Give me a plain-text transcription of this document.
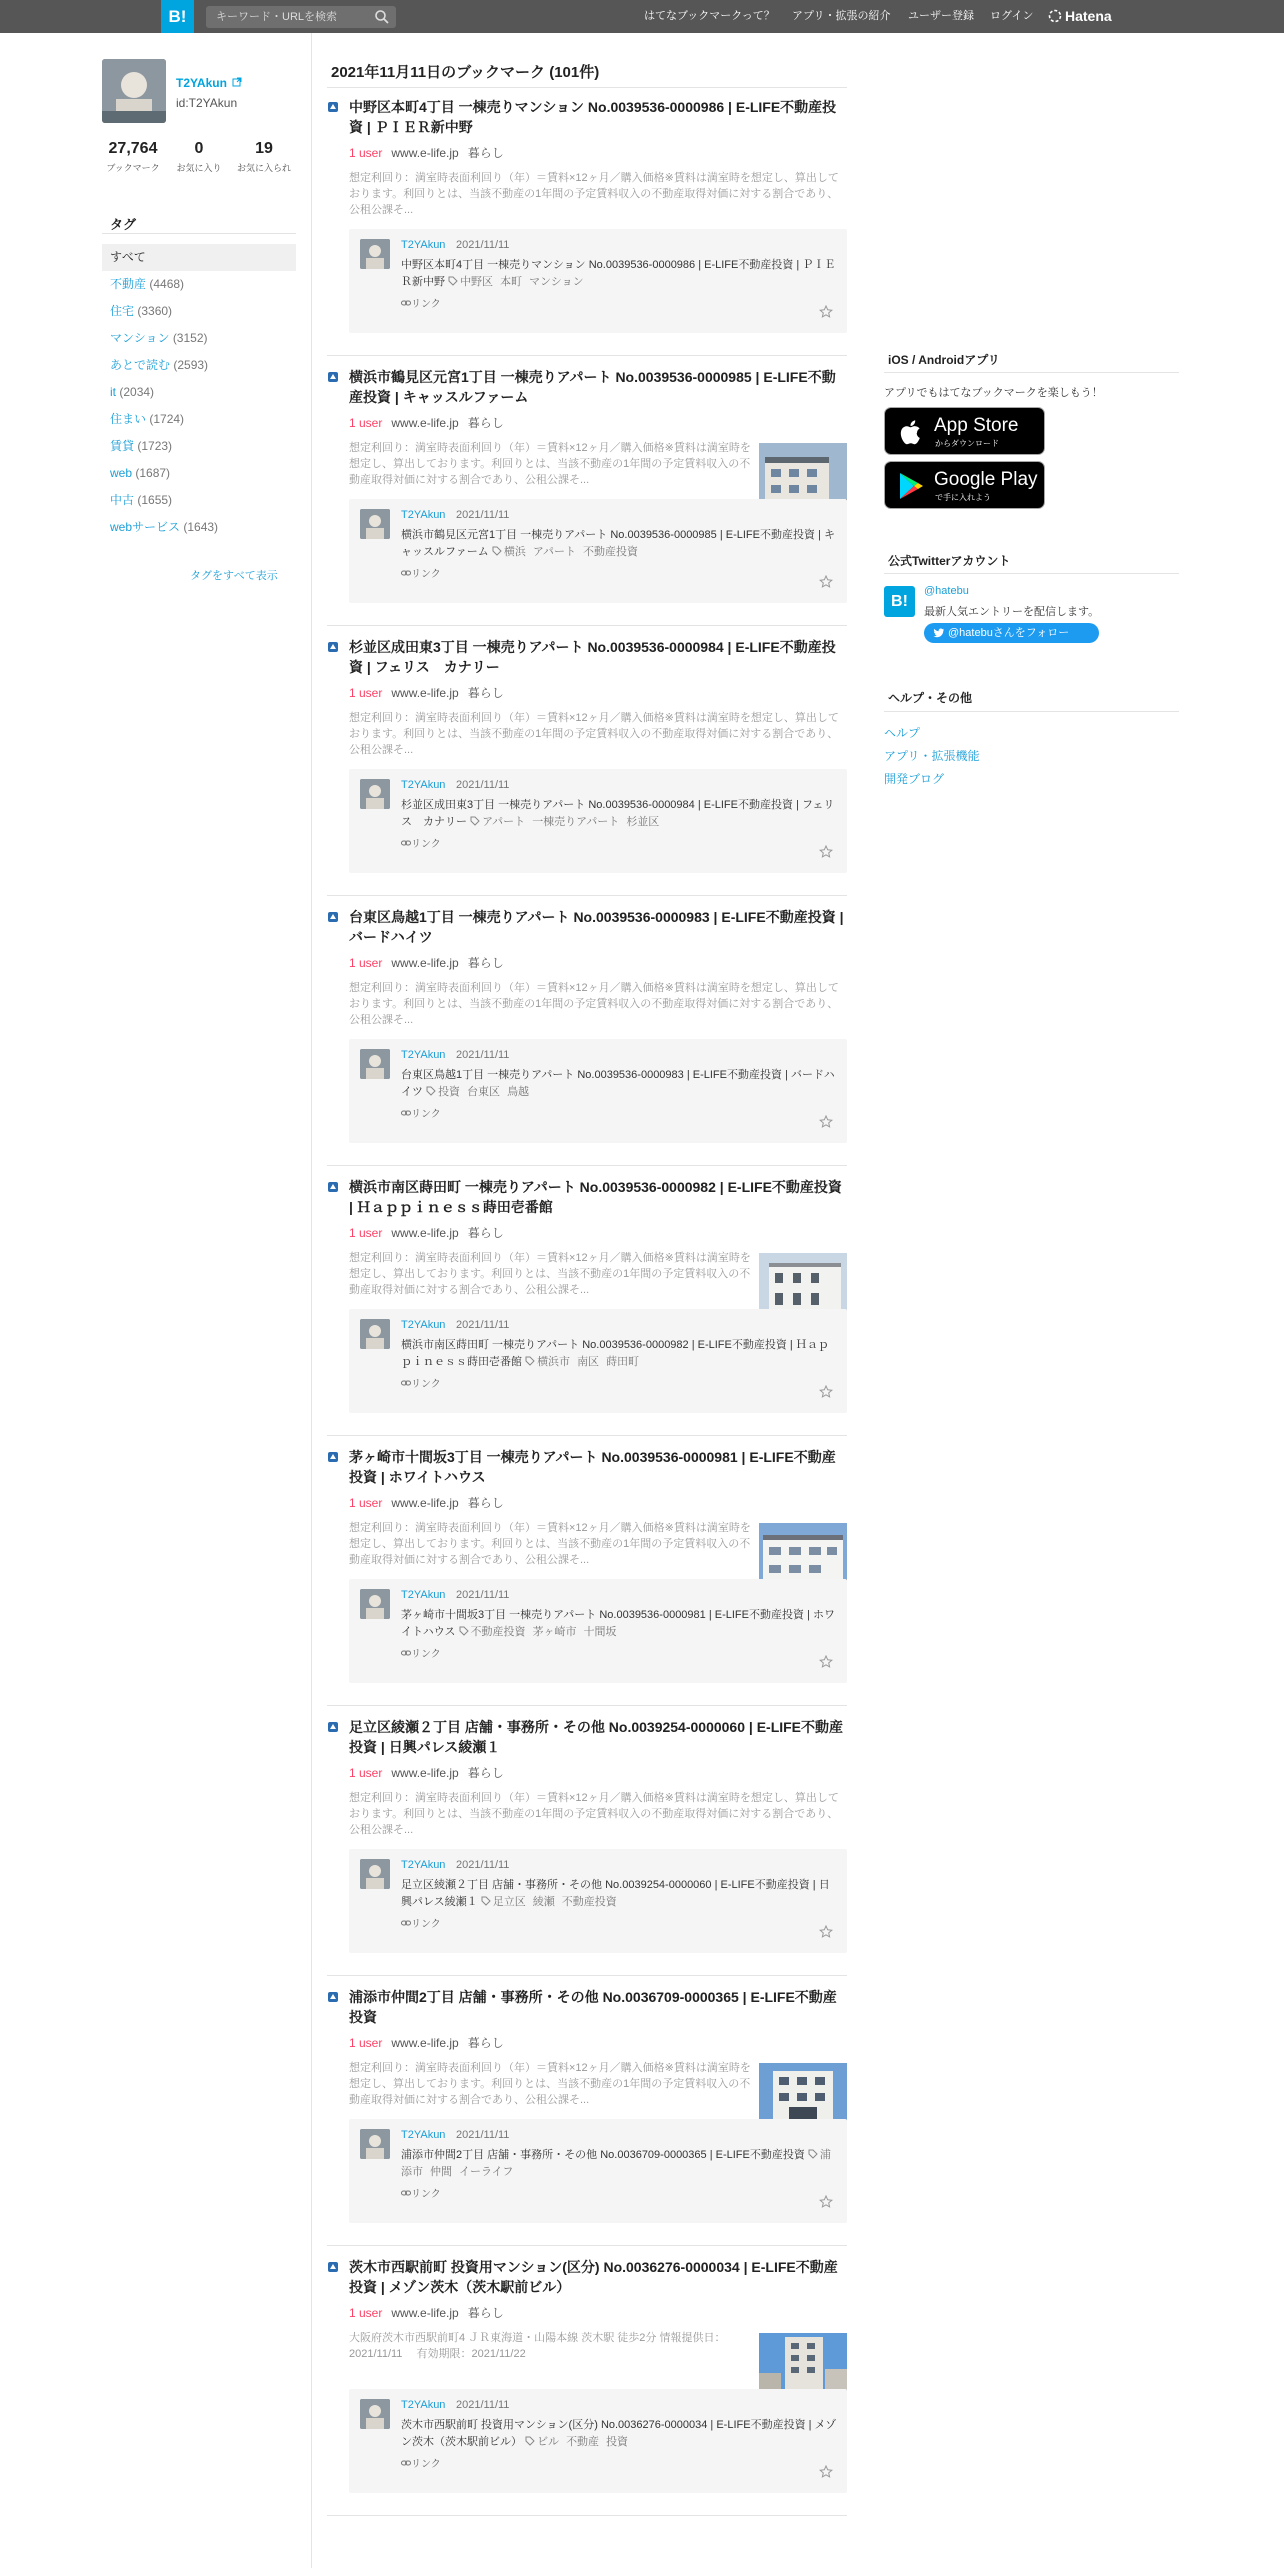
B!
キーワード・URLを検索	はてなブックマークって？ アプリ・拡張の紹介 ユーザー登録 ログイン	Hatena
T2YAkun
id:T2YAkun
27,764
ブックマーク
0
お気に入り
19
お気に入られ
タグ
すべて
不動産 (4468)
住宅 (3360)
マンション (3152)
あとで読む (2593)
it (2034)
住まい (1724)
賃貸 (1723)
web (1687)
中古 (1655)
webサービス (1643)
タグをすべて表示
2021年11月11日のブックマーク (101件)
中野区本町4丁目 一棟売りマンション No.0039536-0000986 | E-LIFE不動産投資 | ＰＩＥＲ新中野
1 user www.e-life.jp 暮らし
想定利回り：満室時表面利回り（年）＝賃料×12ヶ月／購入価格※賃料は満室時を想定し、算出しております。利回りとは、当該不動産の1年間の予定賃料収入の不動産取得対価に対する割合であり、公租公課そ...
T2YAkun 2021/11/11
中野区本町4丁目 一棟売りマンション No.0039536-0000986 | E-LIFE不動産投資 | ＰＩＥＲ新中野 中野区 本町 マンション
リンク
横浜市鶴見区元宮1丁目 一棟売りアパート No.0039536-0000985 | E-LIFE不動産投資 | キャッスルファーム
1 user www.e-life.jp 暮らし
想定利回り：満室時表面利回り（年）＝賃料×12ヶ月／購入価格※賃料は満室時を想定し、算出しております。利回りとは、当該不動産の1年間の予定賃料収入の不動産取得対価に対する割合であり、公租公課そ...
T2YAkun 2021/11/11
横浜市鶴見区元宮1丁目 一棟売りアパート No.0039536-0000985 | E-LIFE不動産投資 | キャッスルファーム 横浜 アパート 不動産投資
リンク
杉並区成田東3丁目 一棟売りアパート No.0039536-0000984 | E-LIFE不動産投資 | フェリス　カナリー
1 user www.e-life.jp 暮らし
想定利回り：満室時表面利回り（年）＝賃料×12ヶ月／購入価格※賃料は満室時を想定し、算出しております。利回りとは、当該不動産の1年間の予定賃料収入の不動産取得対価に対する割合であり、公租公課そ...
T2YAkun 2021/11/11
杉並区成田東3丁目 一棟売りアパート No.0039536-0000984 | E-LIFE不動産投資 | フェリス　カナリー アパート 一棟売りアパート 杉並区
リンク
台東区鳥越1丁目 一棟売りアパート No.0039536-0000983 | E-LIFE不動産投資 | バードハイツ
1 user www.e-life.jp 暮らし
想定利回り：満室時表面利回り（年）＝賃料×12ヶ月／購入価格※賃料は満室時を想定し、算出しております。利回りとは、当該不動産の1年間の予定賃料収入の不動産取得対価に対する割合であり、公租公課そ...
T2YAkun 2021/11/11
台東区鳥越1丁目 一棟売りアパート No.0039536-0000983 | E-LIFE不動産投資 | バードハイツ 投資 台東区 鳥越
リンク
横浜市南区蒔田町 一棟売りアパート No.0039536-0000982 | E-LIFE不動産投資 | Ｈａｐｐｉｎｅｓｓ蒔田壱番館
1 user www.e-life.jp 暮らし
想定利回り：満室時表面利回り（年）＝賃料×12ヶ月／購入価格※賃料は満室時を想定し、算出しております。利回りとは、当該不動産の1年間の予定賃料収入の不動産取得対価に対する割合であり、公租公課そ...
T2YAkun 2021/11/11
横浜市南区蒔田町 一棟売りアパート No.0039536-0000982 | E-LIFE不動産投資 | Ｈａｐｐｉｎｅｓｓ蒔田壱番館 横浜市 南区 蒔田町
リンク
茅ヶ崎市十間坂3丁目 一棟売りアパート No.0039536-0000981 | E-LIFE不動産投資 | ホワイトハウス
1 user www.e-life.jp 暮らし
想定利回り：満室時表面利回り（年）＝賃料×12ヶ月／購入価格※賃料は満室時を想定し、算出しております。利回りとは、当該不動産の1年間の予定賃料収入の不動産取得対価に対する割合であり、公租公課そ...
T2YAkun 2021/11/11
茅ヶ崎市十間坂3丁目 一棟売りアパート No.0039536-0000981 | E-LIFE不動産投資 | ホワイトハウス 不動産投資 茅ヶ崎市 十間坂
リンク
足立区綾瀬２丁目 店舗・事務所・その他 No.0039254-0000060 | E-LIFE不動産投資 | 日興パレス綾瀬１
1 user www.e-life.jp 暮らし
想定利回り：満室時表面利回り（年）＝賃料×12ヶ月／購入価格※賃料は満室時を想定し、算出しております。利回りとは、当該不動産の1年間の予定賃料収入の不動産取得対価に対する割合であり、公租公課そ...
T2YAkun 2021/11/11
足立区綾瀬２丁目 店舗・事務所・その他 No.0039254-0000060 | E-LIFE不動産投資 | 日興パレス綾瀬１ 足立区 綾瀬 不動産投資
リンク
浦添市仲間2丁目 店舗・事務所・その他 No.0036709-0000365 | E-LIFE不動産投資
1 user www.e-life.jp 暮らし
想定利回り：満室時表面利回り（年）＝賃料×12ヶ月／購入価格※賃料は満室時を想定し、算出しております。利回りとは、当該不動産の1年間の予定賃料収入の不動産取得対価に対する割合であり、公租公課そ...
T2YAkun 2021/11/11
浦添市仲間2丁目 店舗・事務所・その他 No.0036709-0000365 | E-LIFE不動産投資 浦添市 仲間 イーライフ
リンク
茨木市西駅前町 投資用マンション(区分) No.0036276-0000034 | E-LIFE不動産投資 | メゾン茨木（茨木駅前ビル）
1 user www.e-life.jp 暮らし
大阪府茨木市西駅前町4 ＪＲ東海道・山陽本線 茨木駅 徒歩2分 情報提供日：2021/11/11　 有効期限：2021/11/22
T2YAkun 2021/11/11
茨木市西駅前町 投資用マンション(区分) No.0036276-0000034 | E-LIFE不動産投資 | メゾン茨木（茨木駅前ビル） ビル 不動産 投資
リンク
iOS / Androidアプリ
アプリでもはてなブックマークを楽しもう！
App Store
からダウンロード
Google Play
で手に入れよう
公式Twitterアカウント
B!
@hatebu
最新人気エントリーを配信します。
@hatebuさんをフォロー
ヘルプ・その他
ヘルプ
アプリ・拡張機能
開発ブログ
